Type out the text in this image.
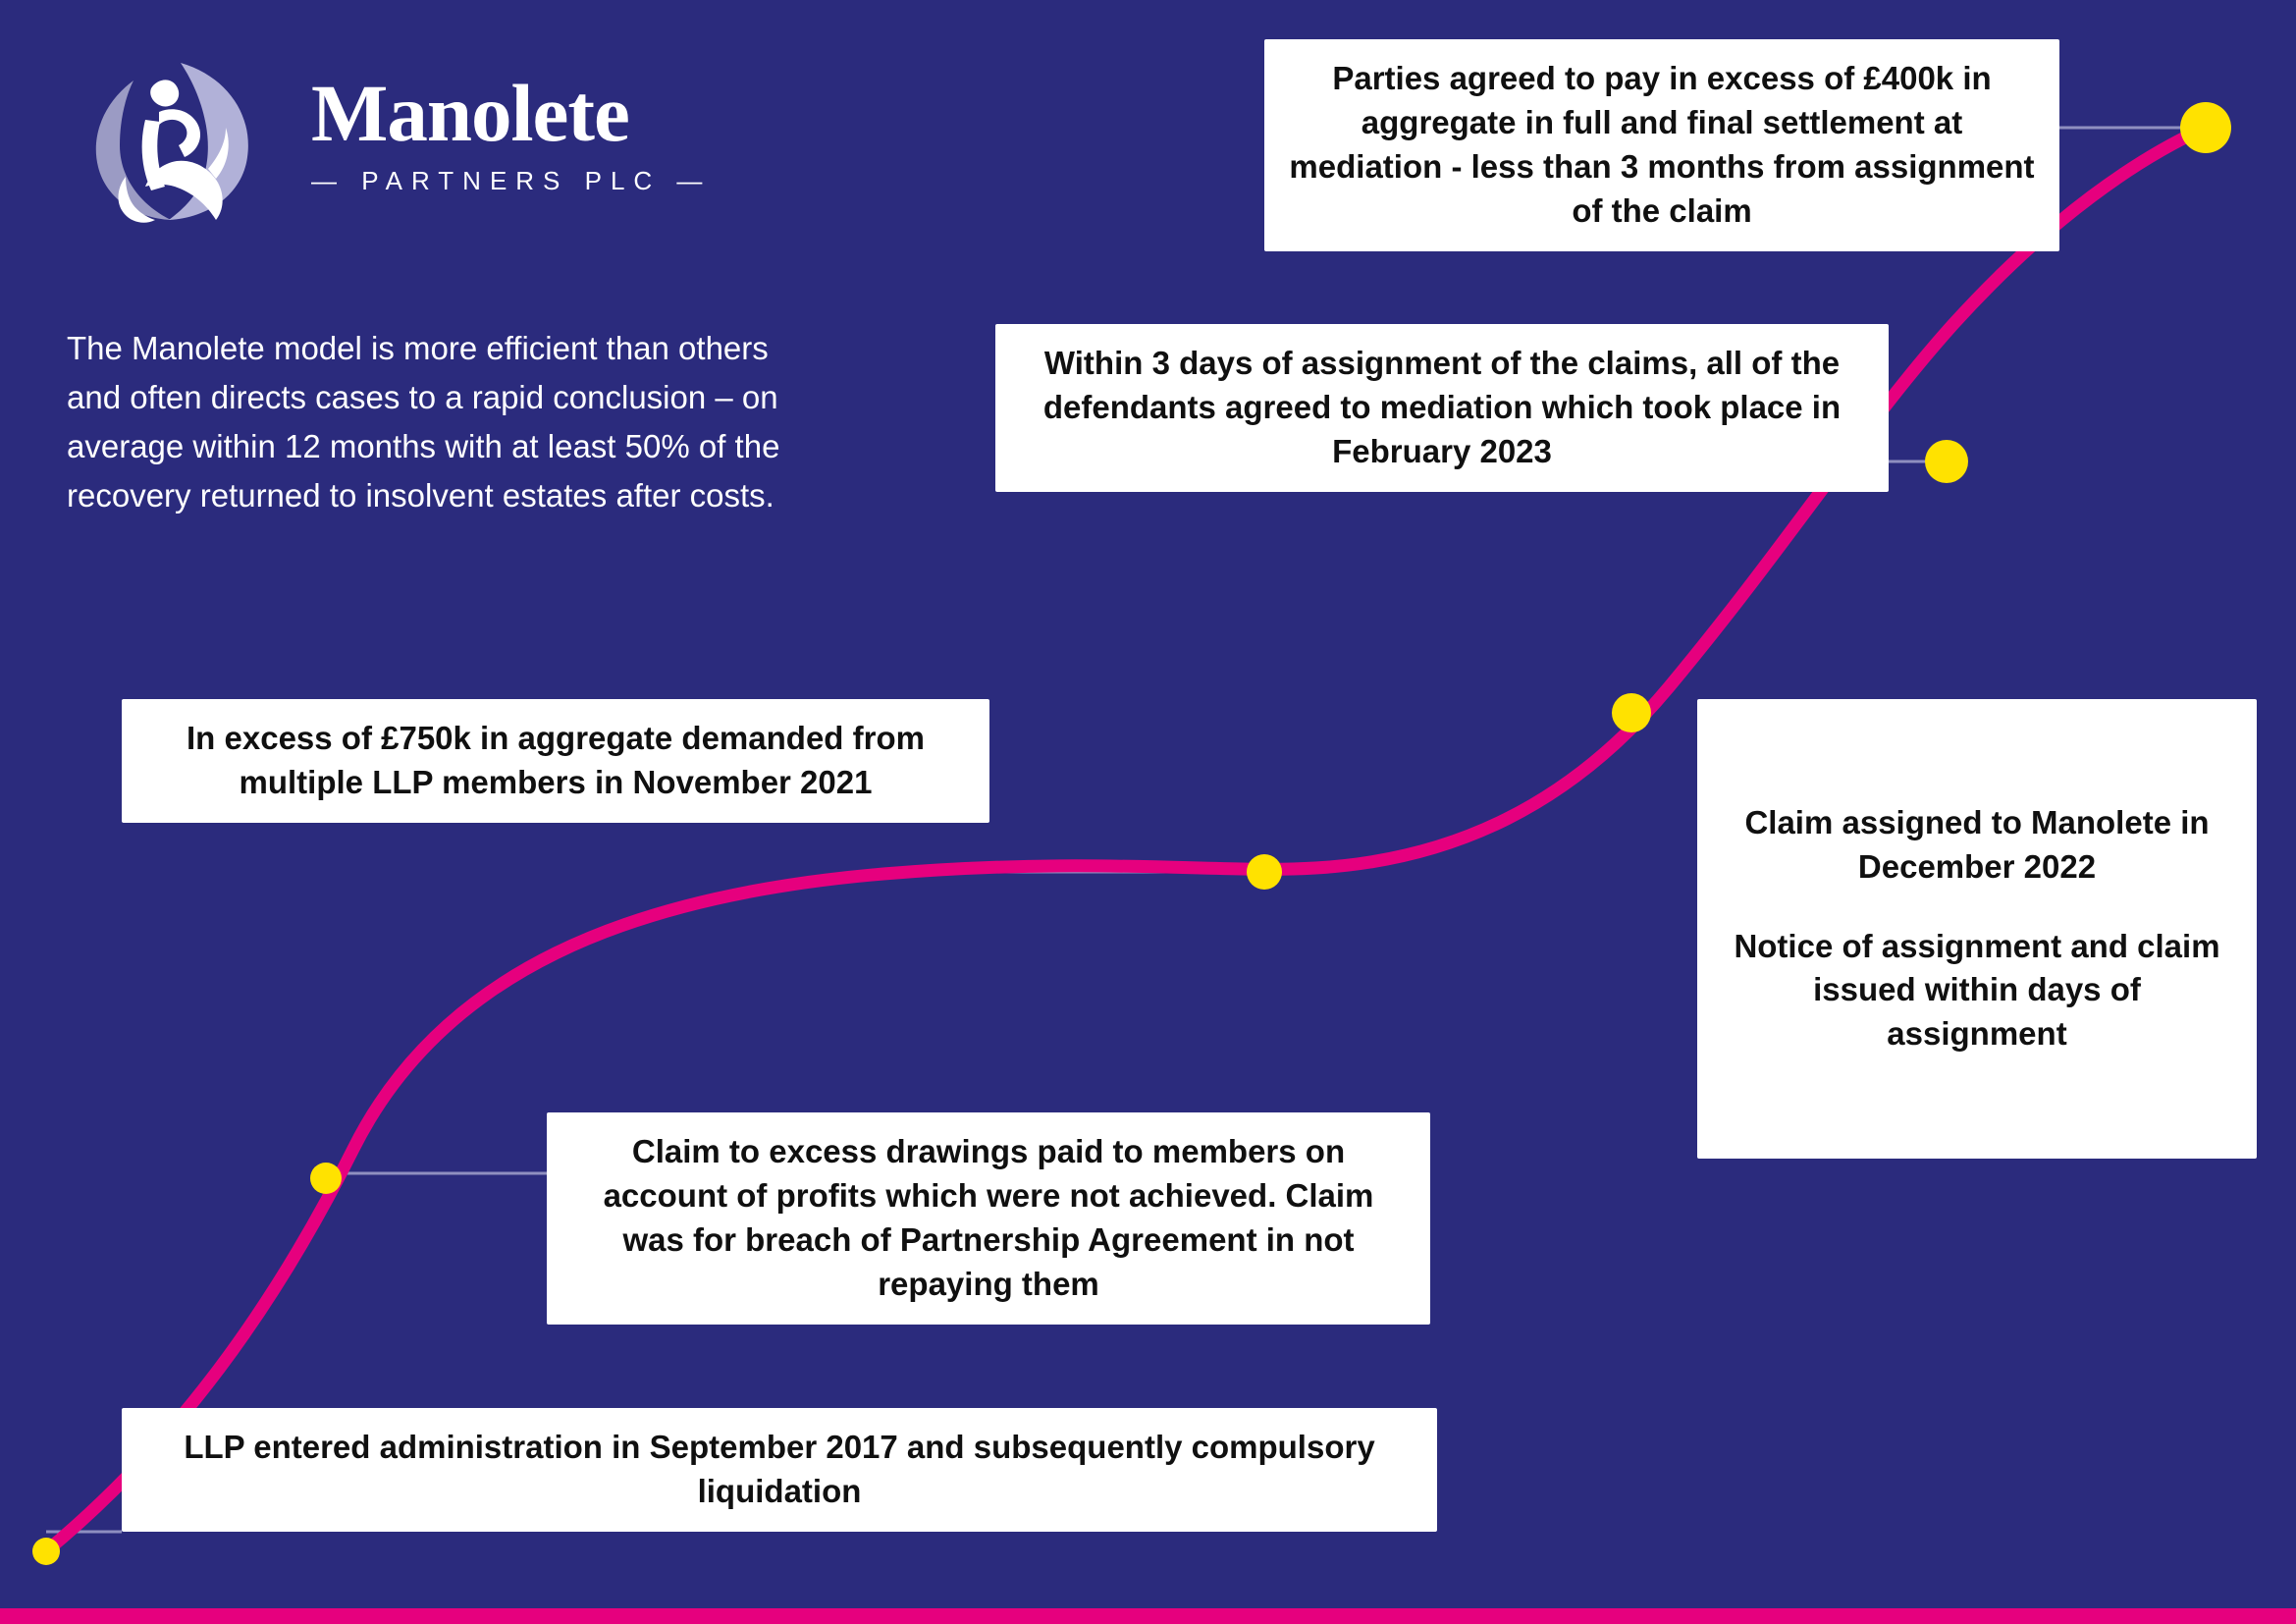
Manolete
— PARTNERS PLC —
The Manolete model is more efficient than others and often directs cases to a rapid conclusion – on average within 12 months with at least 50% of the recovery returned to insolvent estates after costs.

Parties agreed to pay in excess of £400k in aggregate in full and final settlement at mediation - less than 3 months from assignment of the claim

Within 3 days of assignment of the claims, all of the defendants agreed to mediation which took place in February 2023

Claim assigned to Manolete in December 2022

Notice of assignment and claim issued within days of assignment

In excess of £750k in aggregate demanded from multiple LLP members in November 2021

Claim to excess drawings paid to members on account of profits which were not achieved. Claim was for breach of Partnership Agreement in not repaying them

LLP entered administration in September 2017 and subsequently compulsory liquidation
